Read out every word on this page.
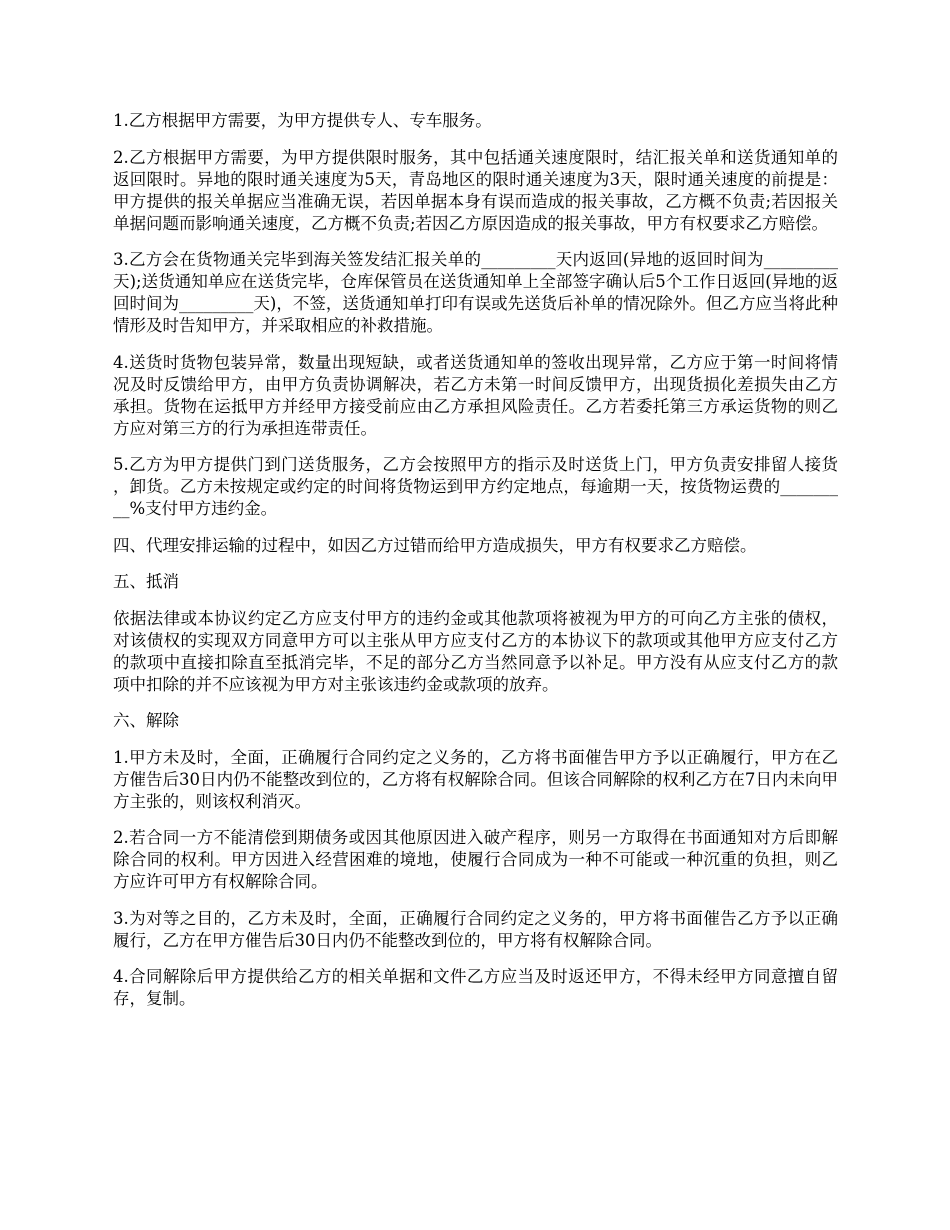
1.乙方根据甲方需要，为甲方提供专人、专车服务。

2.乙方根据甲方需要，为甲方提供限时服务，其中包括通关速度限时，结汇报关单和送货通知单的返回限时。异地的限时通关速度为5天，青岛地区的限时通关速度为3天，限时通关速度的前提是：甲方提供的报关单据应当准确无误，若因单据本身有误而造成的报关事故，乙方概不负责;若因报关单据问题而影响通关速度，乙方概不负责;若因乙方原因造成的报关事故，甲方有权要求乙方赔偿。

3.乙方会在货物通关完毕到海关签发结汇报关单的_________天内返回(异地的返回时间为_________天);送货通知单应在送货完毕，仓库保管员在送货通知单上全部签字确认后5个工作日返回(异地的返回时间为_________天)，不签，送货通知单打印有误或先送货后补单的情况除外。但乙方应当将此种情形及时告知甲方，并采取相应的补救措施。

4.送货时货物包装异常，数量出现短缺，或者送货通知单的签收出现异常，乙方应于第一时间将情况及时反馈给甲方，由甲方负责协调解决，若乙方未第一时间反馈甲方，出现货损化差损失由乙方承担。货物在运抵甲方并经甲方接受前应由乙方承担风险责任。乙方若委托第三方承运货物的则乙方应对第三方的行为承担连带责任。

5.乙方为甲方提供门到门送货服务，乙方会按照甲方的指示及时送货上门，甲方负责安排留人接货，卸货。乙方未按规定或约定的时间将货物运到甲方约定地点，每逾期一天，按货物运费的_________%支付甲方违约金。

四、代理安排运输的过程中，如因乙方过错而给甲方造成损失，甲方有权要求乙方赔偿。

五、抵消

依据法律或本协议约定乙方应支付甲方的违约金或其他款项将被视为甲方的可向乙方主张的债权，对该债权的实现双方同意甲方可以主张从甲方应支付乙方的本协议下的款项或其他甲方应支付乙方的款项中直接扣除直至抵消完毕，不足的部分乙方当然同意予以补足。甲方没有从应支付乙方的款项中扣除的并不应该视为甲方对主张该违约金或款项的放弃。

六、解除

1.甲方未及时，全面，正确履行合同约定之义务的，乙方将书面催告甲方予以正确履行，甲方在乙方催告后30日内仍不能整改到位的，乙方将有权解除合同。但该合同解除的权利乙方在7日内未向甲方主张的，则该权利消灭。

2.若合同一方不能清偿到期债务或因其他原因进入破产程序，则另一方取得在书面通知对方后即解除合同的权利。甲方因进入经营困难的境地，使履行合同成为一种不可能或一种沉重的负担，则乙方应许可甲方有权解除合同。

3.为对等之目的，乙方未及时，全面，正确履行合同约定之义务的，甲方将书面催告乙方予以正确履行，乙方在甲方催告后30日内仍不能整改到位的，甲方将有权解除合同。

4.合同解除后甲方提供给乙方的相关单据和文件乙方应当及时返还甲方，不得未经甲方同意擅自留存，复制。
